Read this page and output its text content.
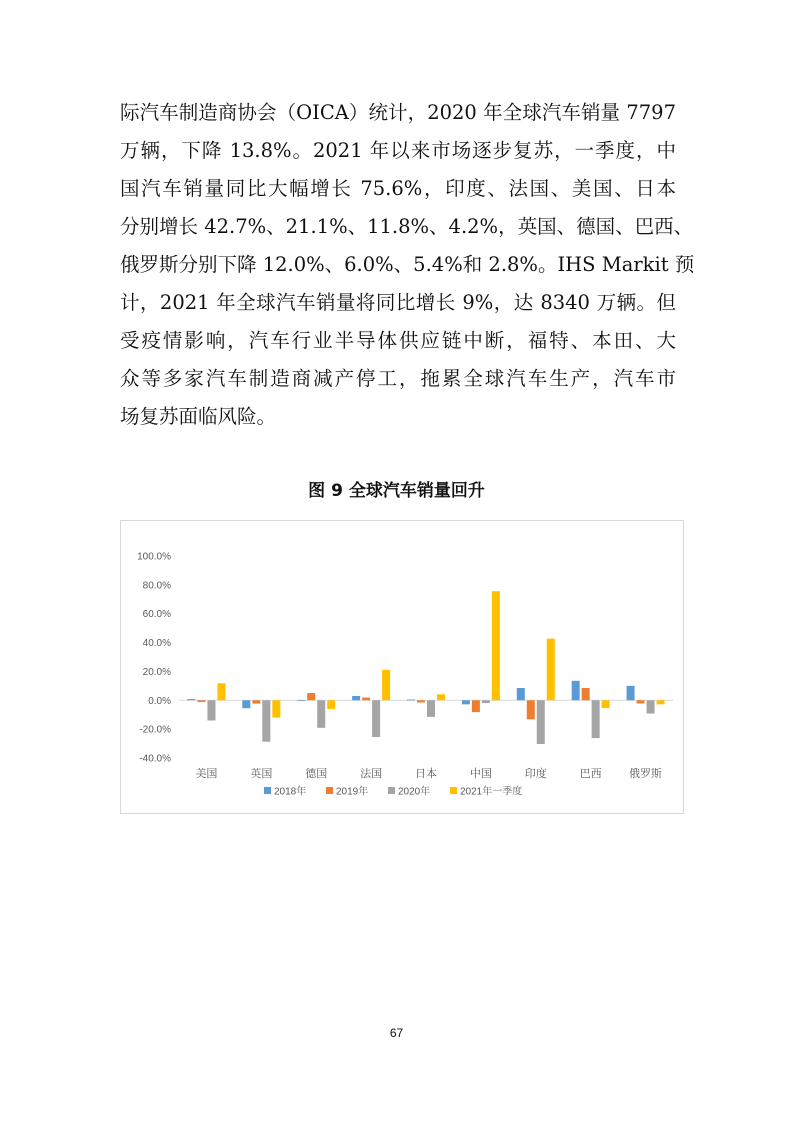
际汽车制造商协会（OICA）统计，2020 年全球汽车销量 7797
万辆，下降 13.8%。2021 年以来市场逐步复苏，一季度，中
国汽车销量同比大幅增长 75.6%，印度、法国、美国、日本
分别增长 42.7%、21.1%、11.8%、4.2%，英国、德国、巴西、
俄罗斯分别下降 12.0%、6.0%、5.4%和 2.8%。IHS Markit 预
计，2021 年全球汽车销量将同比增长 9%，达 8340 万辆。但
受疫情影响，汽车行业半导体供应链中断，福特、本田、大
众等多家汽车制造商减产停工，拖累全球汽车生产，汽车市
场复苏面临风险。
图 9 全球汽车销量回升
100.0%
80.0%
60.0%
40.0%
20.0%
0.0%
-20.0%
-40.0%
美国	英国	德国	法国	日本	中国	印度	巴西 俄罗斯
2018年	2019年	2020年	2021年一季度
67
